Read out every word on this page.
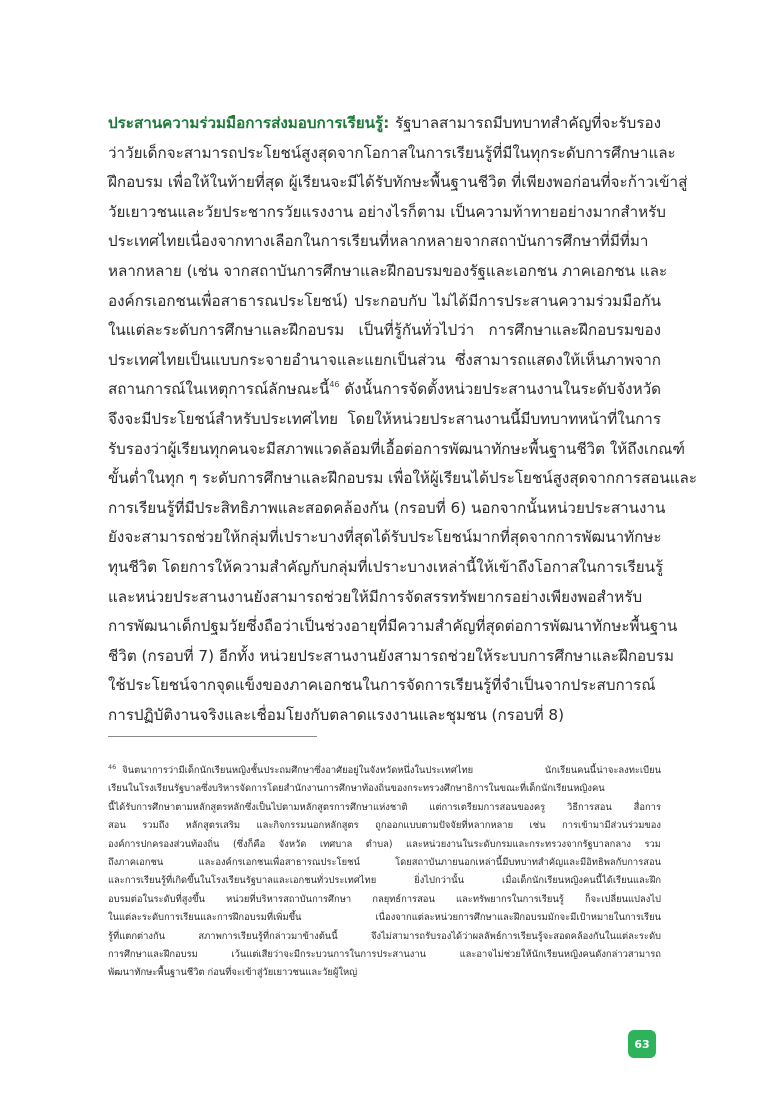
ประสานความร่วมมือการส่งมอบการเรียนรู้: รัฐบาลสามารถมีบทบาทสำคัญที่จะรับรอง
ว่าวัยเด็กจะสามารถประโยชน์สูงสุดจากโอกาสในการเรียนรู้ที่มีในทุกระดับการศึกษาและ
ฝึกอบรม เพื่อให้ในท้ายที่สุด ผู้เรียนจะมีได้รับทักษะพื้นฐานชีวิต ที่เพียงพอก่อนที่จะก้าวเข้าสู่
วัยเยาวชนและวัยประชากรวัยแรงงาน อย่างไรก็ตาม เป็นความท้าทายอย่างมากสำหรับ
ประเทศไทยเนื่องจากทางเลือกในการเรียนที่หลากหลายจากสถาบันการศึกษาที่มีที่มา
หลากหลาย (เช่น จากสถาบันการศึกษาและฝึกอบรมของรัฐและเอกชน ภาคเอกชน และ
องค์กรเอกชนเพื่อสาธารณประโยชน์) ประกอบกับ ไม่ได้มีการประสานความร่วมมือกัน
ในแต่ละระดับการศึกษาและฝึกอบรม เป็นที่รู้กันทั่วไปว่า การศึกษาและฝึกอบรมของ
ประเทศไทยเป็นแบบกระจายอำนาจและแยกเป็นส่วน ซึ่งสามารถแสดงให้เห็นภาพจาก
สถานการณ์ในเหตุการณ์ลักษณะนี้$^{46}$ ดังนั้นการจัดตั้งหน่วยประสานงานในระดับจังหวัด
จึงจะมีประโยชน์สำหรับประเทศไทย โดยให้หน่วยประสานงานนี้มีบทบาทหน้าที่ในการ
รับรองว่าผู้เรียนทุกคนจะมีสภาพแวดล้อมที่เอื้อต่อการพัฒนาทักษะพื้นฐานชีวิต ให้ถึงเกณฑ์
ขั้นต่ำในทุก ๆ ระดับการศึกษาและฝึกอบรม เพื่อให้ผู้เรียนได้ประโยชน์สูงสุดจากการสอนและ
การเรียนรู้ที่มีประสิทธิภาพและสอดคล้องกัน (กรอบที่ 6) นอกจากนั้นหน่วยประสานงาน
ยังจะสามารถช่วยให้กลุ่มที่เปราะบางที่สุดได้รับประโยชน์มากที่สุดจากการพัฒนาทักษะ
ทุนชีวิต โดยการให้ความสำคัญกับกลุ่มที่เปราะบางเหล่านี้ให้เข้าถึงโอกาสในการเรียนรู้
และหน่วยประสานงานยังสามารถช่วยให้มีการจัดสรรทรัพยากรอย่างเพียงพอสำหรับ
การพัฒนาเด็กปฐมวัยซึ่งถือว่าเป็นช่วงอายุที่มีความสำคัญที่สุดต่อการพัฒนาทักษะพื้นฐาน
ชีวิต (กรอบที่ 7) อีกทั้ง หน่วยประสานงานยังสามารถช่วยให้ระบบการศึกษาและฝึกอบรม
ใช้ประโยชน์จากจุดแข็งของภาคเอกชนในการจัดการเรียนรู้ที่จำเป็นจากประสบการณ์
การปฏิบัติงานจริงและเชื่อมโยงกับตลาดแรงงานและชุมชน (กรอบที่ 8)
$^{46}$ จินตนาการว่ามีเด็กนักเรียนหญิงชั้นประถมศึกษาซึ่งอาศัยอยู่ในจังหวัดหนึ่งในประเทศไทย นักเรียนคนนี้น่าจะลงทะเบียน
เรียนในโรงเรียนรัฐบาลซึ่งบริหารจัดการโดยสำนักงานการศึกษาท้องถิ่นของกระทรวงศึกษาธิการในขณะที่เด็กนักเรียนหญิงคน
นี้ได้รับการศึกษาตามหลักสูตรหลักซึ่งเป็นไปตามหลักสูตรการศึกษาแห่งชาติ แต่การเตรียมการสอนของครู วิธีการสอน สื่อการ
สอน รวมถึง หลักสูตรเสริม และกิจกรรมนอกหลักสูตร ถูกออกแบบตามปัจจัยที่หลากหลาย เช่น การเข้ามามีส่วนร่วมของ
องค์การปกครองส่วนท้องถิ่น (ซึ่งก็คือ จังหวัด เทศบาล ตำบล) และหน่วยงานในระดับกรมและกระทรวงจากรัฐบาลกลาง รวม
ถึงภาคเอกชน และองค์กรเอกชนเพื่อสาธารณประโยชน์ โดยสถาบันภายนอกเหล่านี้มีบทบาทสำคัญและมีอิทธิพลกับการสอน
และการเรียนรู้ที่เกิดขึ้นในโรงเรียนรัฐบาลและเอกชนทั่วประเทศไทย ยิ่งไปกว่านั้น เมื่อเด็กนักเรียนหญิงคนนี้ได้เรียนและฝึก
อบรมต่อในระดับที่สูงขึ้น หน่วยที่บริหารสถาบันการศึกษา กลยุทธ์การสอน และทรัพยากรในการเรียนรู้ ก็จะเปลี่ยนแปลงไป
ในแต่ละระดับการเรียนและการฝึกอบรมที่เพิ่มขึ้น เนื่องจากแต่ละหน่วยการศึกษาและฝึกอบรมมักจะมีเป้าหมายในการเรียน
รู้ที่แตกต่างกัน สภาพการเรียนรู้ที่กล่าวมาข้างต้นนี้ จึงไม่สามารถรับรองได้ว่าผลลัพธ์การเรียนรู้จะสอดคล้องกันในแต่ละระดับ
การศึกษาและฝึกอบรม เว้นแต่เสียว่าจะมีกระบวนการในการประสานงาน และอาจไม่ช่วยให้นักเรียนหญิงคนดังกล่าวสามารถ
พัฒนาทักษะพื้นฐานชีวิต ก่อนที่จะเข้าสู่วัยเยาวชนและวัยผู้ใหญ่
63
